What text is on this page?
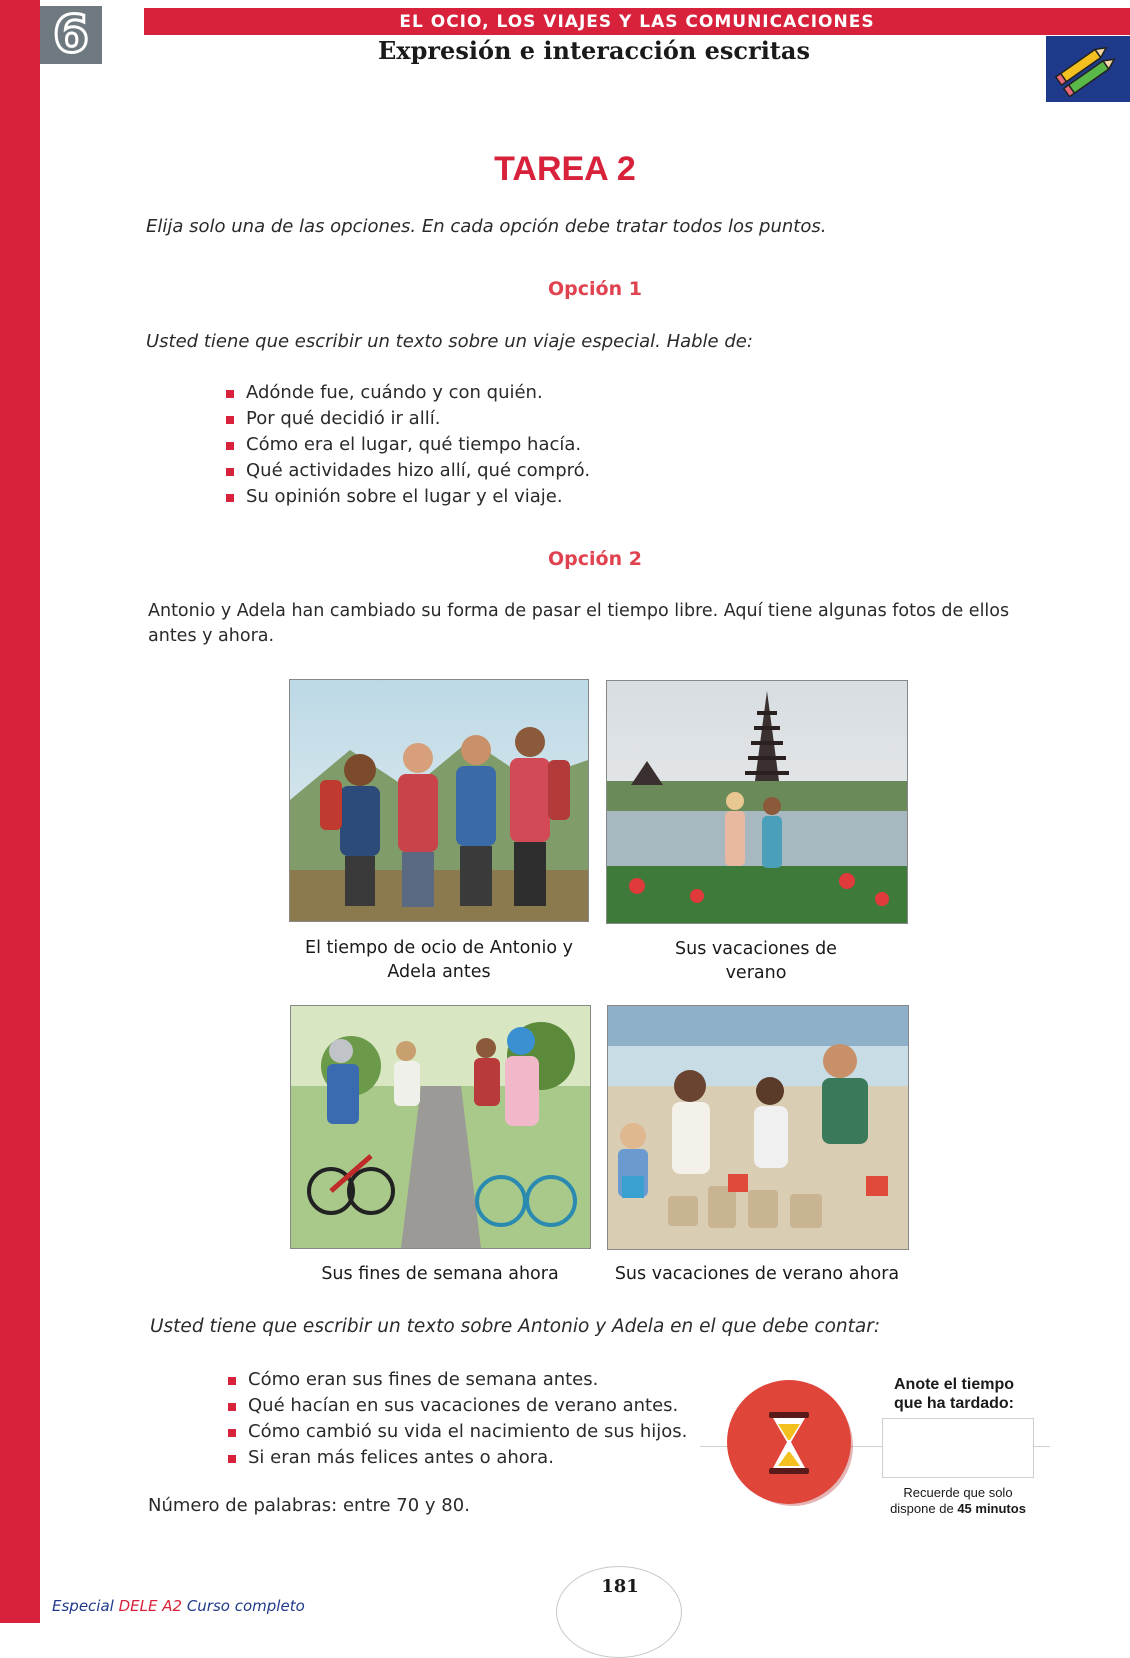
6	EL OCIO, LOS VIAJES Y LAS COMUNICACIONES
Expresión e interacción escritas
TAREA 2
Elija solo una de las opciones. En cada opción debe tratar todos los puntos.
Opción 1
Usted tiene que escribir un texto sobre un viaje especial. Hable de:
Adónde fue, cuándo y con quién.
Por qué decidió ir allí.
Cómo era el lugar, qué tiempo hacía.
Qué actividades hizo allí, qué compró.
Su opinión sobre el lugar y el viaje.
Opción 2
Antonio y Adela han cambiado su forma de pasar el tiempo libre. Aquí tiene algunas fotos de ellos
antes y ahora.
El tiempo de ocio de Antonio y
Adela antes
Sus vacaciones de
verano
Sus fines de semana ahora	Sus vacaciones de verano ahora
Usted tiene que escribir un texto sobre Antonio y Adela en el que debe contar:
Cómo eran sus fines de semana antes.
Qué hacían en sus vacaciones de verano antes.
Cómo cambió su vida el nacimiento de sus hijos.
Si eran más felices antes o ahora.
Número de palabras: entre 70 y 80.
Anote el tiempo
que ha tardado:
Recuerde que solo
dispone de 45 minutos
181
Especial DELE A2 Curso completo
